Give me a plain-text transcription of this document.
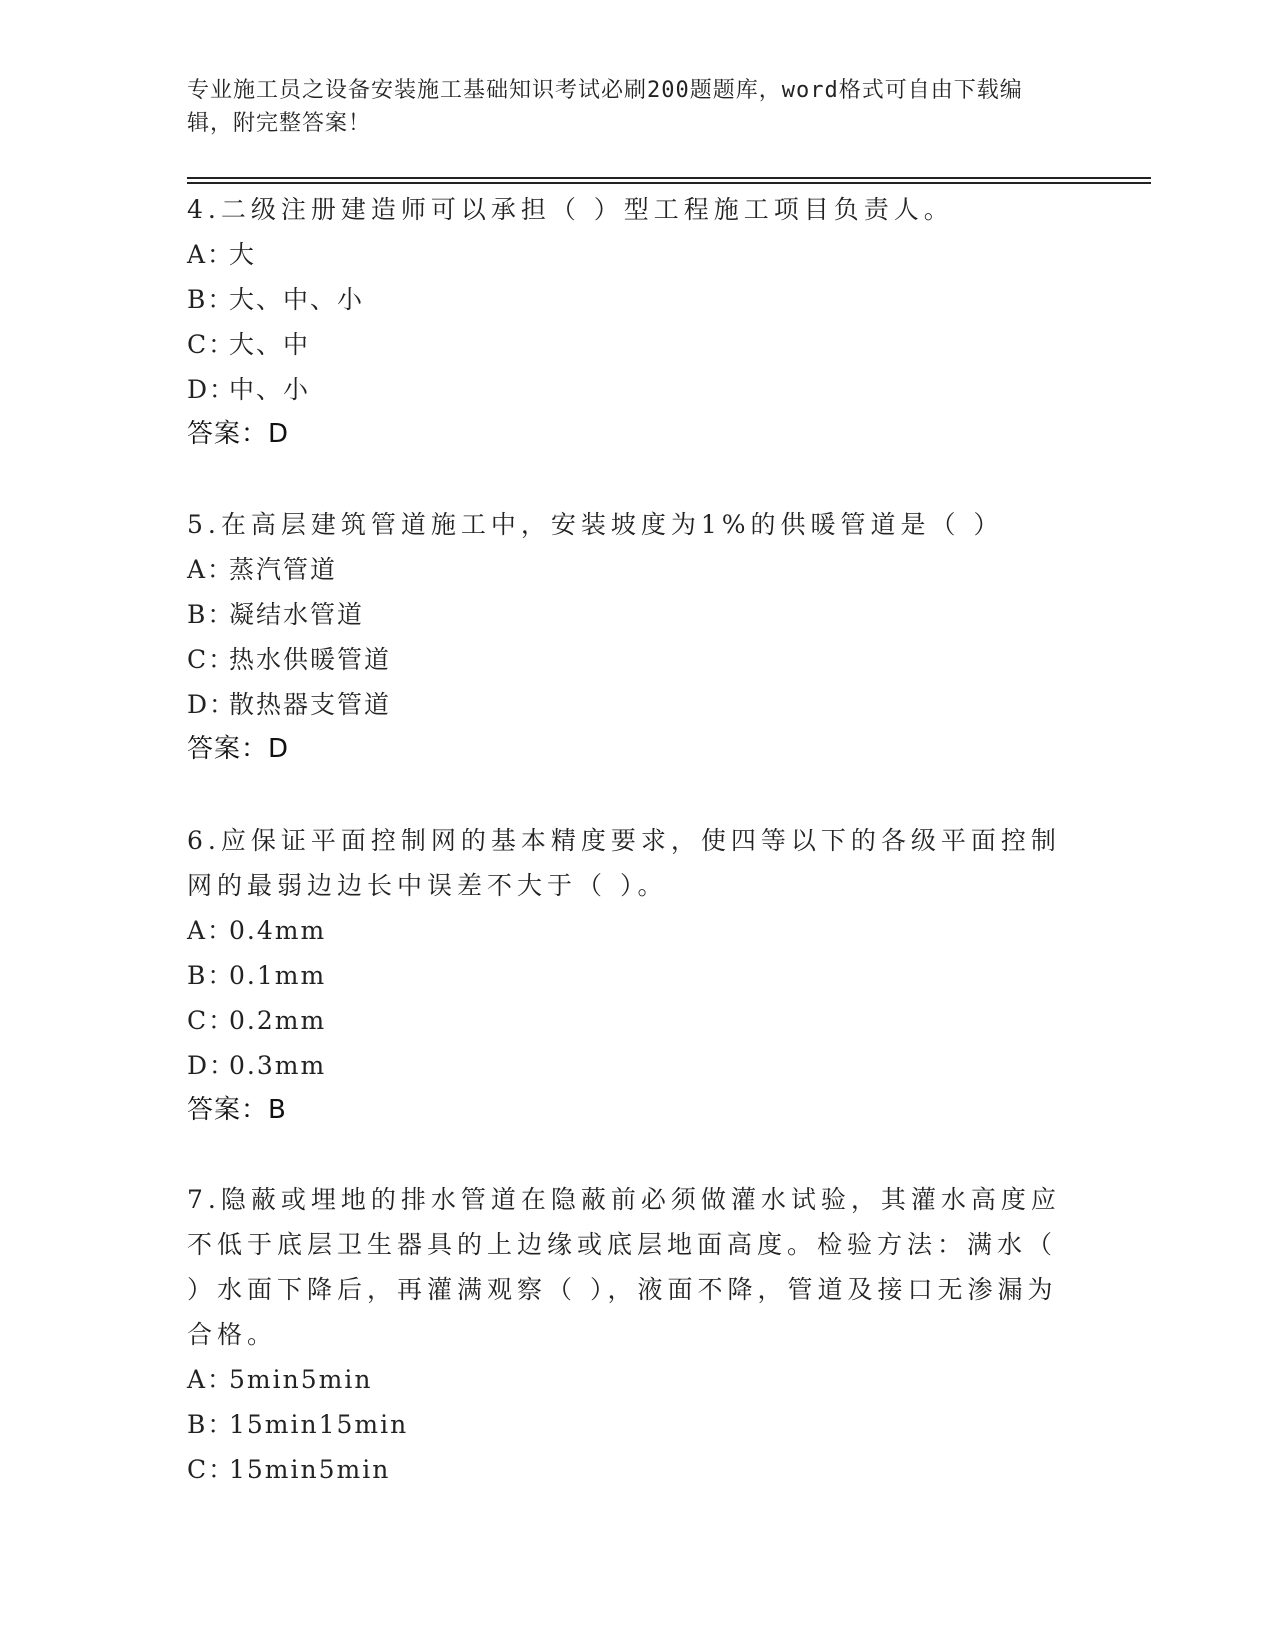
专业施工员之设备安装施工基础知识考试必刷200题题库，word格式可自由下载编辑，附完整答案！
4.二级注册建造师可以承担（ ）型工程施工项目负责人。
A：大
B：大、中、小
C：大、中
D：中、小
答案：D
5.在高层建筑管道施工中，安装坡度为1%的供暖管道是（ ）
A：蒸汽管道
B：凝结水管道
C：热水供暖管道
D：散热器支管道
答案：D
6.应保证平面控制网的基本精度要求，使四等以下的各级平面控制网的最弱边边长中误差不大于（ ）。
A：0.4mm
B：0.1mm
C：0.2mm
D：0.3mm
答案：B
7.隐蔽或埋地的排水管道在隐蔽前必须做灌水试验，其灌水高度应不低于底层卫生器具的上边缘或底层地面高度。检验方法：满水（ ）水面下降后，再灌满观察（ ），液面不降，管道及接口无渗漏为合格。
A：5min5min
B：15min15min
C：15min5min
